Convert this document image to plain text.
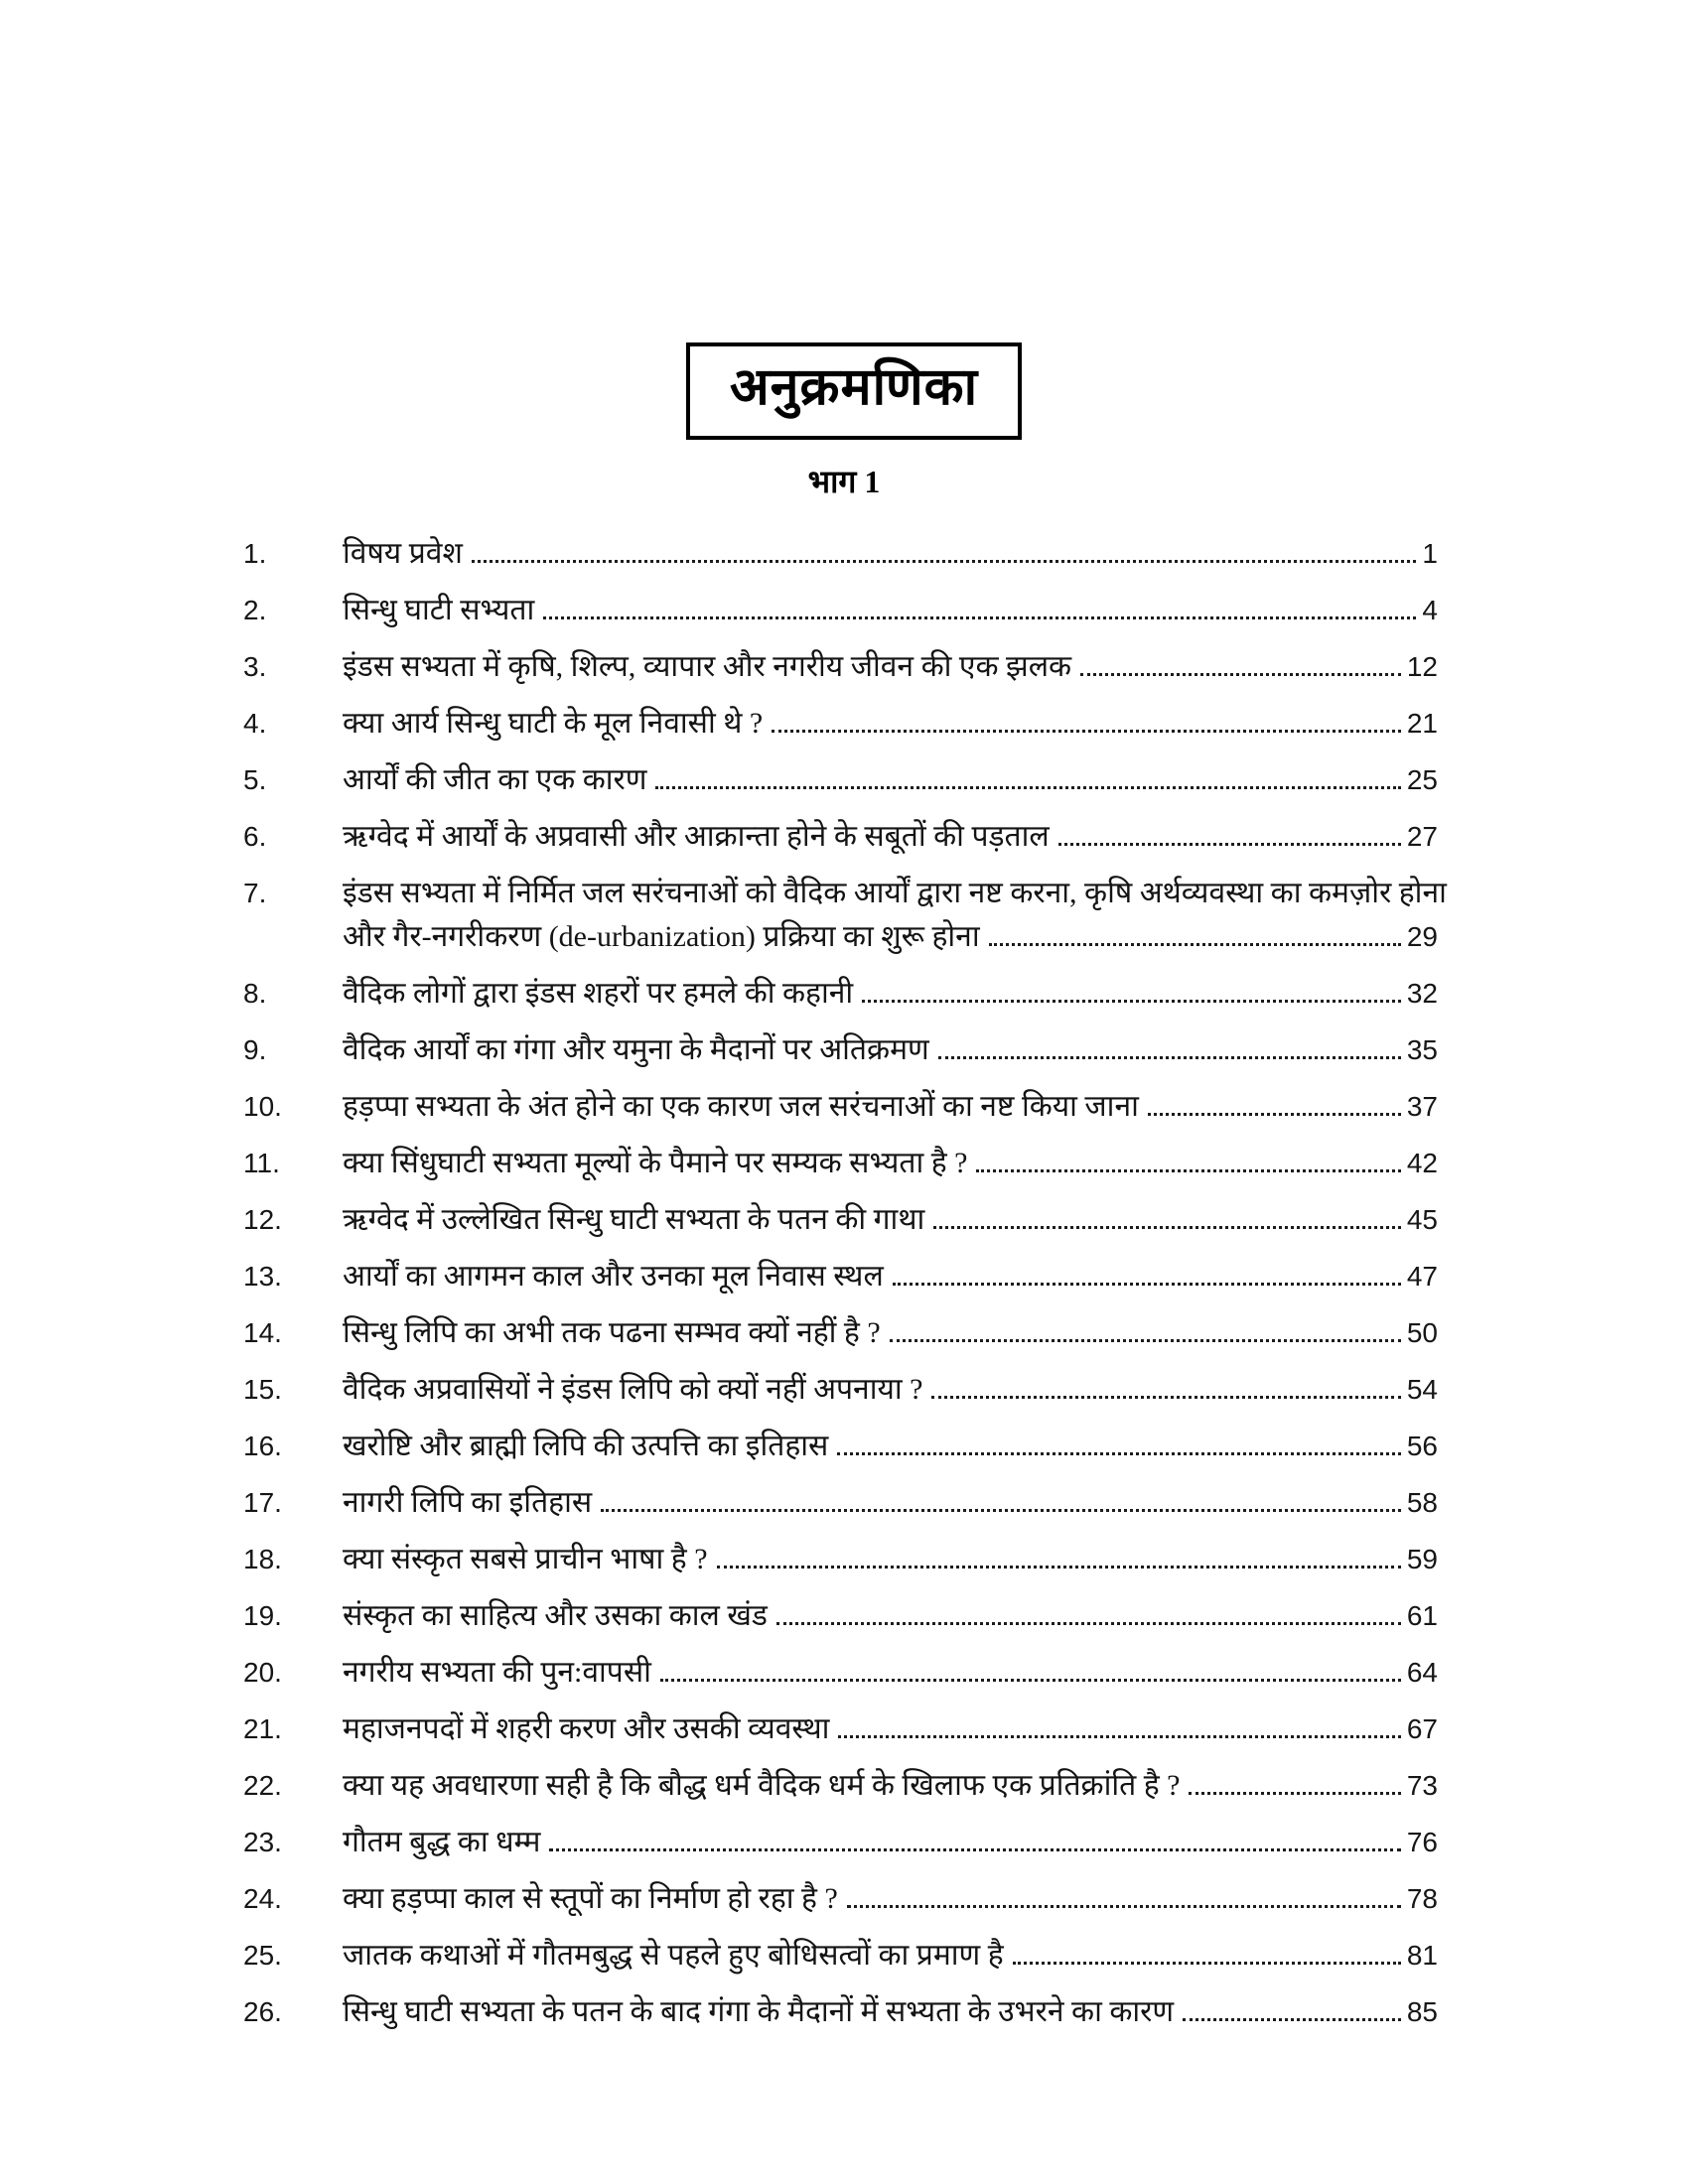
अनुक्रमणिका
भाग 1
1.	विषय प्रवेश	1
2.	सिन्धु घाटी सभ्यता	4
3.	इंडस सभ्यता में कृषि, शिल्प, व्यापार और नगरीय जीवन की एक झलक	12
4.	क्या आर्य सिन्धु घाटी के मूल निवासी थे ?	21
5.	आर्यों की जीत का एक कारण	25
6.	ऋग्वेद में आर्यों के अप्रवासी और आक्रान्ता होने के सबूतों की पड़ताल	27
7.	इंडस सभ्यता में निर्मित जल सरंचनाओं को वैदिक आर्यों द्वारा नष्ट करना, कृषि अर्थव्यवस्था का कमज़ोर होना
और गैर-नगरीकरण (de-urbanization) प्रक्रिया का शुरू होना	29
8.	वैदिक लोगों द्वारा इंडस शहरों पर हमले की कहानी	32
9.	वैदिक आर्यों का गंगा और यमुना के मैदानों पर अतिक्रमण	35
10.	हड़प्पा सभ्यता के अंत होने का एक कारण जल सरंचनाओं का नष्ट किया जाना	37
11.	क्या सिंधुघाटी सभ्यता मूल्यों के पैमाने पर सम्यक सभ्यता है ?	42
12.	ऋग्वेद में उल्लेखित सिन्धु घाटी सभ्यता के पतन की गाथा	45
13.	आर्यों का आगमन काल और उनका मूल निवास स्थल	47
14.	सिन्धु लिपि का अभी तक पढना सम्भव क्यों नहीं है ?	50
15.	वैदिक अप्रवासियों ने इंडस लिपि को क्यों नहीं अपनाया ?	54
16.	खरोष्टि और ब्राह्मी लिपि की उत्पत्ति का इतिहास	56
17.	नागरी लिपि का इतिहास	58
18.	क्या संस्कृत सबसे प्राचीन भाषा है ?	59
19.	संस्कृत का साहित्य और उसका काल खंड	61
20.	नगरीय सभ्यता की पुन:वापसी	64
21.	महाजनपदों में शहरी करण और उसकी व्यवस्था	67
22.	क्या यह अवधारणा सही है कि बौद्ध धर्म वैदिक धर्म के खिलाफ एक प्रतिक्रांति है ?	73
23.	गौतम बुद्ध का धम्म	76
24.	क्या हड़प्पा काल से स्तूपों का निर्माण हो रहा है ?	78
25.	जातक कथाओं में गौतमबुद्ध से पहले हुए बोधिसत्वों का प्रमाण है	81
26.	सिन्धु घाटी सभ्यता के पतन के बाद गंगा के मैदानों में सभ्यता के उभरने का कारण	85
